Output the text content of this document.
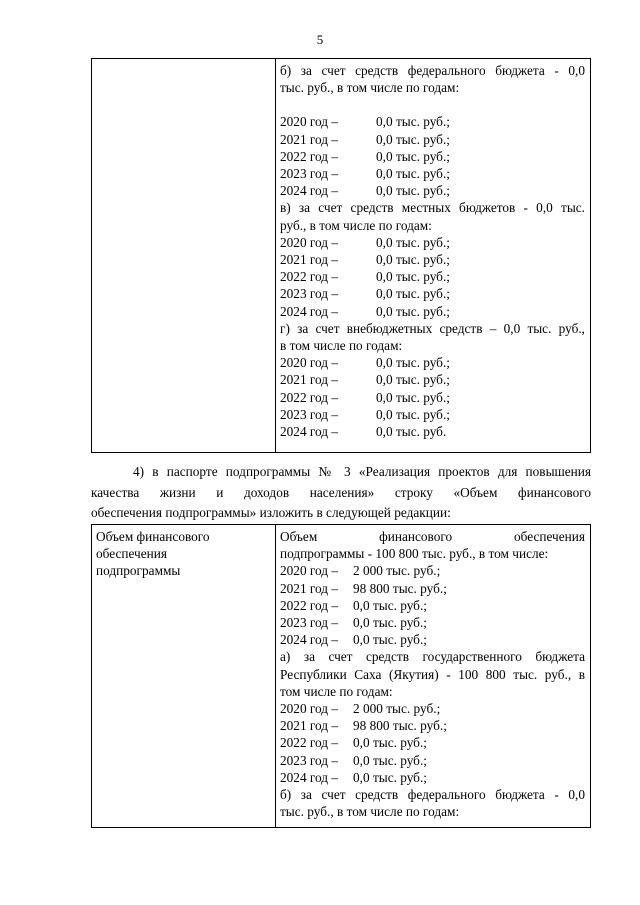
5

б) за счет средств федерального бюджета - 0,0
тыс. руб., в том числе по годам:
2020 год –	0,0 тыс. руб.;
2021 год –	0,0 тыс. руб.;
2022 год –	0,0 тыс. руб.;
2023 год –	0,0 тыс. руб.;
2024 год –	0,0 тыс. руб.;
в) за счет средств местных бюджетов - 0,0 тыс.
руб., в том числе по годам:
2020 год –	0,0 тыс. руб.;
2021 год –	0,0 тыс. руб.;
2022 год –	0,0 тыс. руб.;
2023 год –	0,0 тыс. руб.;
2024 год –	0,0 тыс. руб.;
г) за счет внебюджетных средств – 0,0 тыс. руб.,
в том числе по годам:
2020 год –	0,0 тыс. руб.;
2021 год –	0,0 тыс. руб.;
2022 год –	0,0 тыс. руб.;
2023 год –	0,0 тыс. руб.;
2024 год –	0,0 тыс. руб.
4) в паспорте подпрограммы № 3 «Реализация проектов для повышения
качества жизни и доходов населения» строку «Объем финансового
обеспечения подпрограммы» изложить в следующей редакции:
Объем финансового
обеспечения
подпрограммы

Объем финансового обеспечения
подпрограммы - 100 800 тыс. руб., в том числе:
2020 год – 2 000 тыс. руб.;
2021 год – 98 800 тыс. руб.;
2022 год – 0,0 тыс. руб.;
2023 год – 0,0 тыс. руб.;
2024 год – 0,0 тыс. руб.;
а) за счет средств государственного бюджета
Республики Саха (Якутия) - 100 800 тыс. руб., в
том числе по годам:
2020 год – 2 000 тыс. руб.;
2021 год – 98 800 тыс. руб.;
2022 год – 0,0 тыс. руб.;
2023 год – 0,0 тыс. руб.;
2024 год – 0,0 тыс. руб.;
б) за счет средств федерального бюджета - 0,0
тыс. руб., в том числе по годам:
